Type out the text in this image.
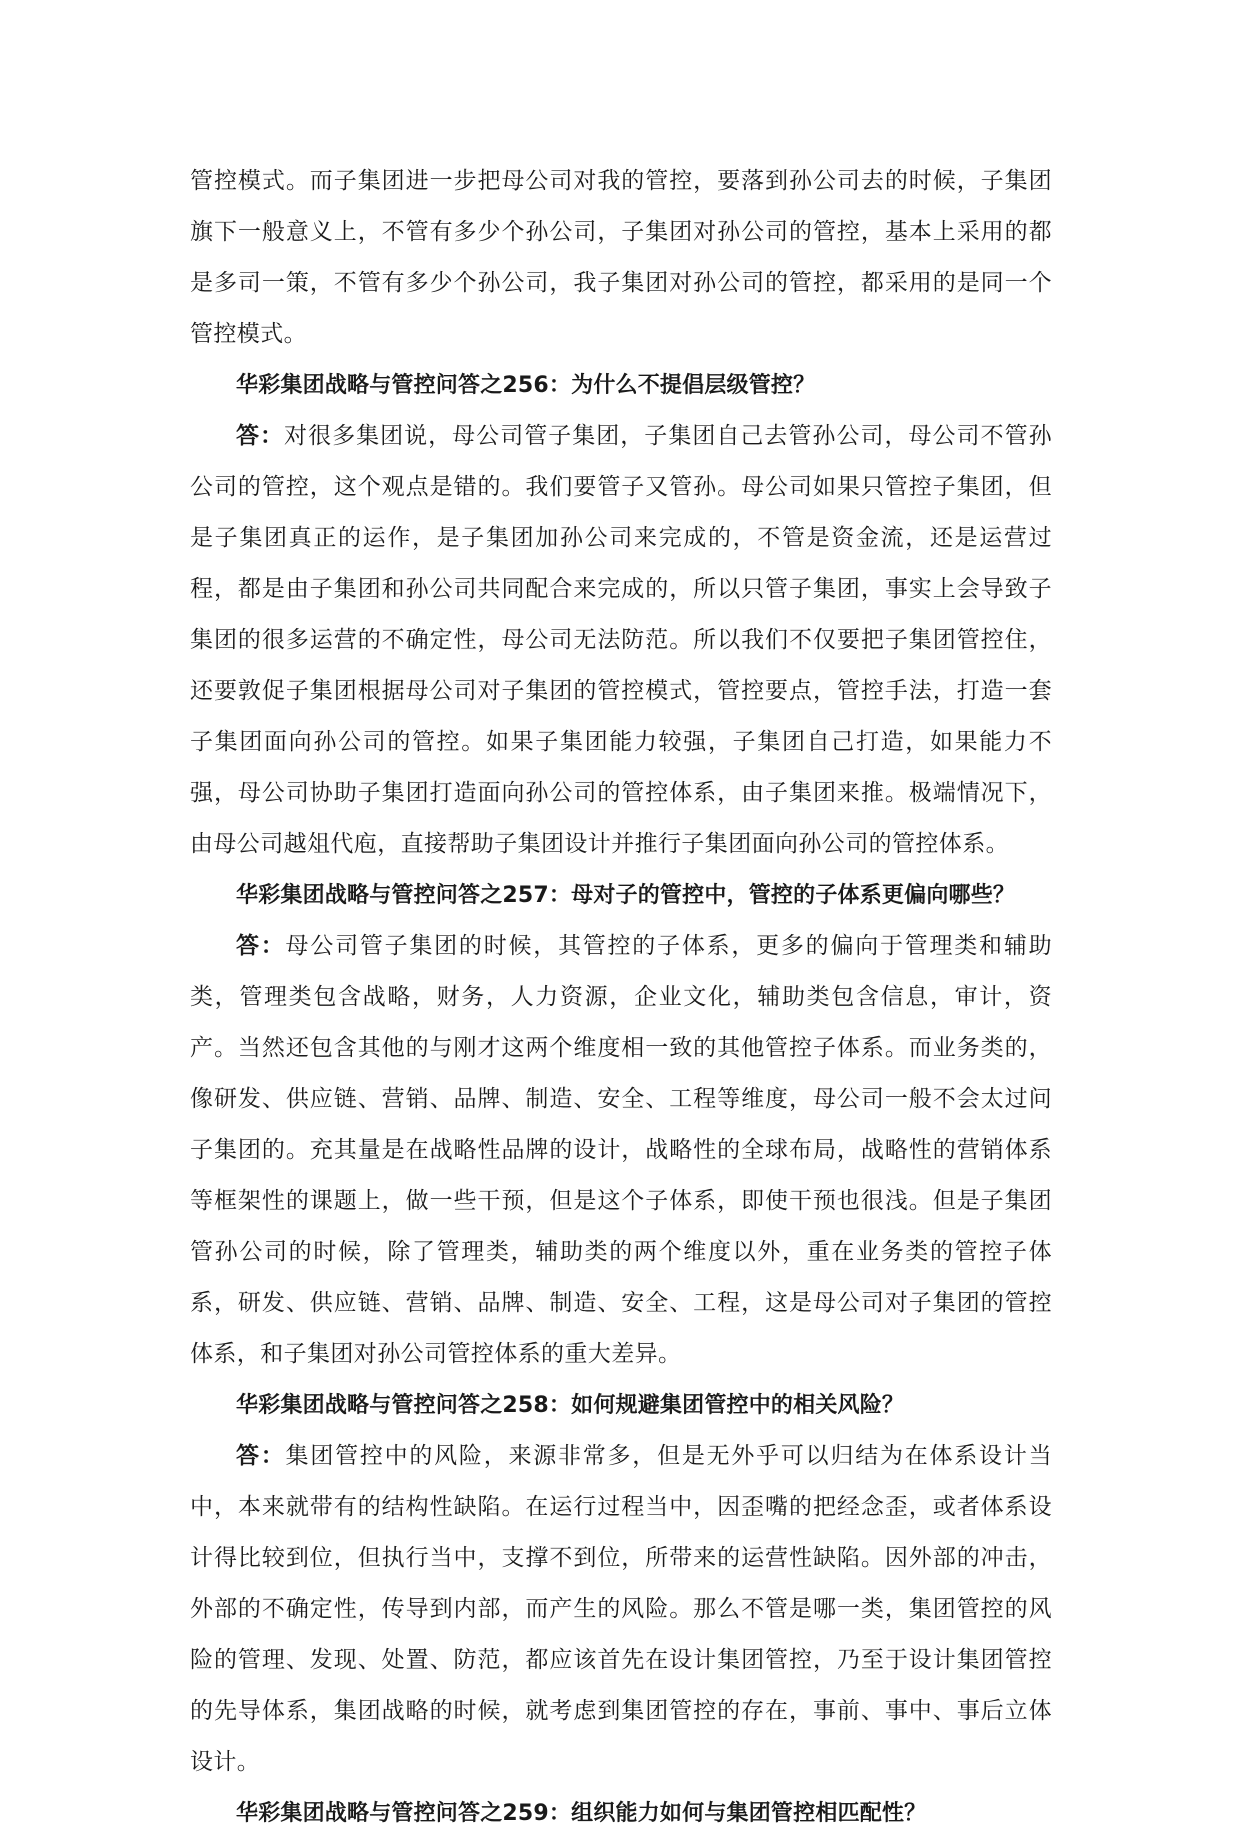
管控模式。而子集团进一步把母公司对我的管控，要落到孙公司去的时候，子集团旗下一般意义上，不管有多少个孙公司，子集团对孙公司的管控，基本上采用的都是多司一策，不管有多少个孙公司，我子集团对孙公司的管控，都采用的是同一个管控模式。

华彩集团战略与管控问答之256：为什么不提倡层级管控？

答：对很多集团说，母公司管子集团，子集团自己去管孙公司，母公司不管孙公司的管控，这个观点是错的。我们要管子又管孙。母公司如果只管控子集团，但是子集团真正的运作，是子集团加孙公司来完成的，不管是资金流，还是运营过程，都是由子集团和孙公司共同配合来完成的，所以只管子集团，事实上会导致子集团的很多运营的不确定性，母公司无法防范。所以我们不仅要把子集团管控住，还要敦促子集团根据母公司对子集团的管控模式，管控要点，管控手法，打造一套子集团面向孙公司的管控。如果子集团能力较强，子集团自己打造，如果能力不强，母公司协助子集团打造面向孙公司的管控体系，由子集团来推。极端情况下，由母公司越俎代庖，直接帮助子集团设计并推行子集团面向孙公司的管控体系。

华彩集团战略与管控问答之257：母对子的管控中，管控的子体系更偏向哪些？

答：母公司管子集团的时候，其管控的子体系，更多的偏向于管理类和辅助类，管理类包含战略，财务，人力资源，企业文化，辅助类包含信息，审计，资产。当然还包含其他的与刚才这两个维度相一致的其他管控子体系。而业务类的，像研发、供应链、营销、品牌、制造、安全、工程等维度，母公司一般不会太过问子集团的。充其量是在战略性品牌的设计，战略性的全球布局，战略性的营销体系等框架性的课题上，做一些干预，但是这个子体系，即使干预也很浅。但是子集团管孙公司的时候，除了管理类，辅助类的两个维度以外，重在业务类的管控子体系，研发、供应链、营销、品牌、制造、安全、工程，这是母公司对子集团的管控体系，和子集团对孙公司管控体系的重大差异。

华彩集团战略与管控问答之258：如何规避集团管控中的相关风险？

答：集团管控中的风险，来源非常多，但是无外乎可以归结为在体系设计当中，本来就带有的结构性缺陷。在运行过程当中，因歪嘴的把经念歪，或者体系设计得比较到位，但执行当中，支撑不到位，所带来的运营性缺陷。因外部的冲击，外部的不确定性，传导到内部，而产生的风险。那么不管是哪一类，集团管控的风险的管理、发现、处置、防范，都应该首先在设计集团管控，乃至于设计集团管控的先导体系，集团战略的时候，就考虑到集团管控的存在，事前、事中、事后立体设计。

华彩集团战略与管控问答之259：组织能力如何与集团管控相匹配性？
